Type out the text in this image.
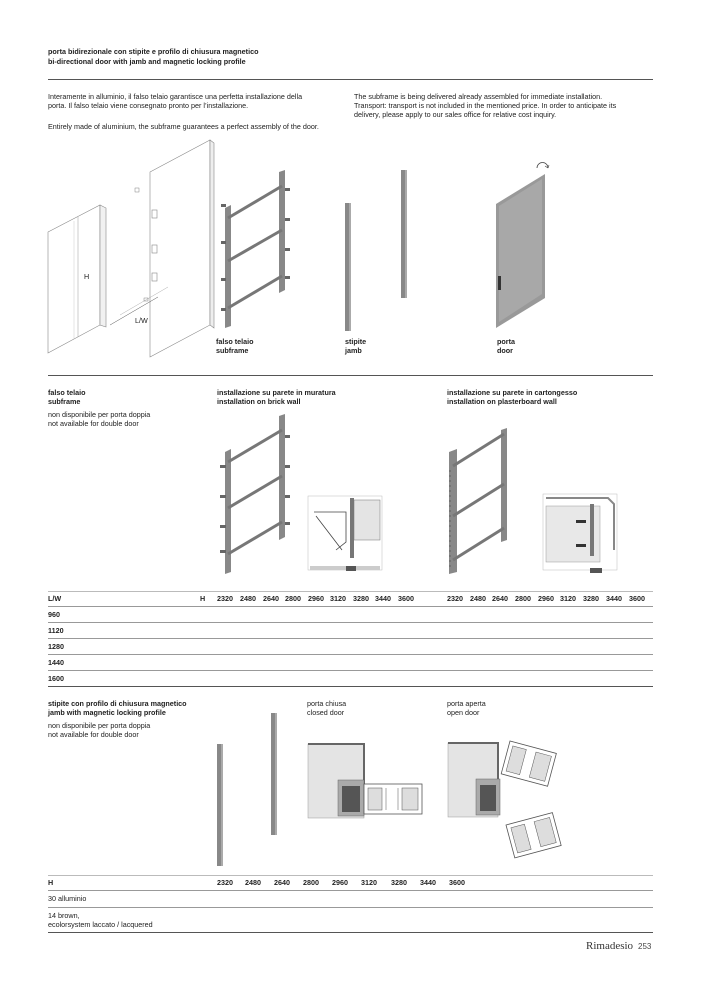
porta bidirezionale con stipite e profilo di chiusura magnetico
bi-directional door with jamb and magnetic locking profile
Interamente in alluminio, il falso telaio garantisce una perfetta installazione della
porta. Il falso telaio viene consegnato pronto per l’installazione.
Entirely made of aluminium, the subframe guarantees a perfect assembly of the door.
The subframe is being delivered already assembled for immediate installation.
Transport: transport is not included in the mentioned price. In order to anticipate its
delivery, please apply to our sales office for relative cost inquiry.
H
L/W
falso telaio
subframe
stipite
jamb
porta
door
falso telaio
subframe
non disponibile per porta doppia
not available for double door
installazione su parete in muratura
installation on brick wall
installazione su parete in cartongesso
installation on plasterboard wall
L/W	H 2320 2480 2640 2800 2960 3120 3280 3440 3600	2320 2480 2640 2800 2960 3120 3280 3440 3600
960
1120
1280
1440
1600
stipite con profilo di chiusura magnetico
jamb with magnetic locking profile
non disponibile per porta doppia
not available for double door
porta chiusa
closed door
porta aperta
open door
H	2320 2480 2640 2800 2960 3120 3280 3440 3600
30 alluminio
14 brown,
ecolorsystem laccato / lacquered
Rimadesio 253
